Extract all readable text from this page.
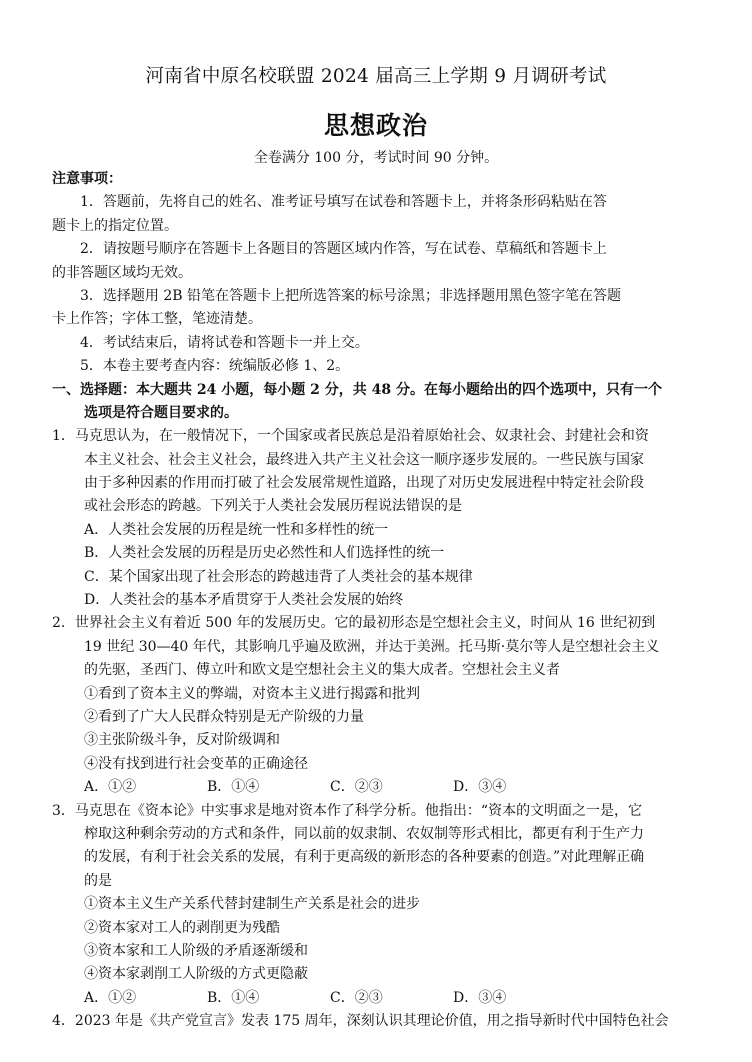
河南省中原名校联盟 2024 届高三上学期 9 月调研考试
思想政治
全卷满分 100 分，考试时间 90 分钟。
注意事项：
1．答题前，先将自己的姓名、准考证号填写在试卷和答题卡上，并将条形码粘贴在答
题卡上的指定位置。
2．请按题号顺序在答题卡上各题目的答题区域内作答，写在试卷、草稿纸和答题卡上
的非答题区域均无效。
3．选择题用 2B 铅笔在答题卡上把所选答案的标号涂黑；非选择题用黑色签字笔在答题
卡上作答；字体工整，笔迹清楚。
4．考试结束后，请将试卷和答题卡一并上交。
5．本卷主要考查内容：统编版必修 1、2。
一、选择题：本大题共 24 小题，每小题 2 分，共 48 分。在每小题给出的四个选项中，只有一个
选项是符合题目要求的。
1．马克思认为，在一般情况下，一个国家或者民族总是沿着原始社会、奴隶社会、封建社会和资
本主义社会、社会主义社会，最终进入共产主义社会这一顺序逐步发展的。一些民族与国家
由于多种因素的作用而打破了社会发展常规性道路，出现了对历史发展进程中特定社会阶段
或社会形态的跨越。下列关于人类社会发展历程说法错误的是
A．人类社会发展的历程是统一性和多样性的统一
B．人类社会发展的历程是历史必然性和人们选择性的统一
C．某个国家出现了社会形态的跨越违背了人类社会的基本规律
D．人类社会的基本矛盾贯穿于人类社会发展的始终
2．世界社会主义有着近 500 年的发展历史。它的最初形态是空想社会主义，时间从 16 世纪初到
19 世纪 30—40 年代，其影响几乎遍及欧洲，并达于美洲。托马斯·莫尔等人是空想社会主义
的先驱，圣西门、傅立叶和欧文是空想社会主义的集大成者。空想社会主义者
①看到了资本主义的弊端，对资本主义进行揭露和批判
②看到了广大人民群众特别是无产阶级的力量
③主张阶级斗争，反对阶级调和
④没有找到进行社会变革的正确途径
A．①②	B．①④	C．②③	D．③④
3．马克思在《资本论》中实事求是地对资本作了科学分析。他指出：“资本的文明面之一是，它
榨取这种剩余劳动的方式和条件，同以前的奴隶制、农奴制等形式相比，都更有利于生产力
的发展，有利于社会关系的发展，有利于更高级的新形态的各种要素的创造。”对此理解正确
的是
①资本主义生产关系代替封建制生产关系是社会的进步
②资本家对工人的剥削更为残酷
③资本家和工人阶级的矛盾逐渐缓和
④资本家剥削工人阶级的方式更隐蔽
A．①②	B．①④	C．②③	D．③④
4．2023 年是《共产党宣言》发表 175 周年，深刻认识其理论价值，用之指导新时代中国特色社会
